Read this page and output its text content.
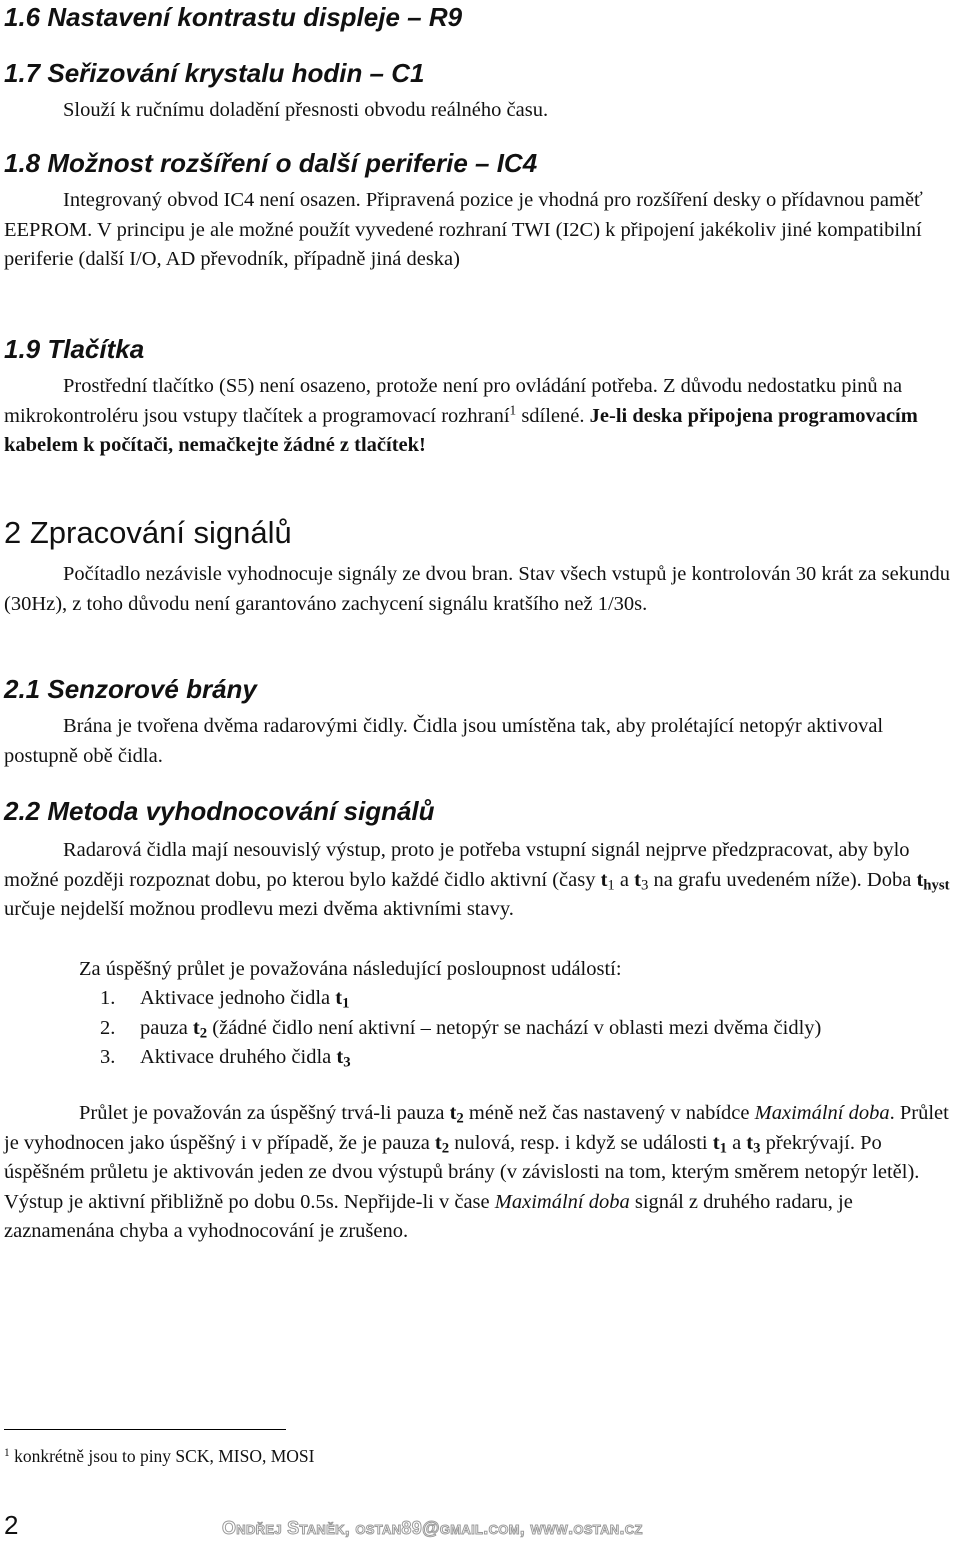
1.6 Nastavení kontrastu displeje – R9
1.7 Seřizování krystalu hodin – C1

Slouží k ručnímu doladění přesnosti obvodu reálného času.

1.8 Možnost rozšíření o další periferie – IC4

Integrovaný obvod IC4 není osazen. Připravená pozice je vhodná pro rozšíření desky o přídavnou paměť EEPROM. V principu je ale možné použít vyvedené rozhraní TWI (I2C) k připojení jakékoliv jiné kompatibilní periferie (další I/O, AD převodník, případně jiná deska)

1.9 Tlačítka

Prostřední tlačítko (S5) není osazeno, protože není pro ovládání potřeba. Z důvodu nedostatku pinů na mikrokontroléru jsou vstupy tlačítek a programovací rozhraní$^1$ sdílené. Je-li deska připojena programovacím kabelem k počítači, nemačkejte žádné z tlačítek!

2 Zpracování signálů

Počítadlo nezávisle vyhodnocuje signály ze dvou bran. Stav všech vstupů je kontrolován 30 krát za sekundu (30Hz), z toho důvodu není garantováno zachycení signálu kratšího než 1/30s.

2.1 Senzorové brány

Brána je tvořena dvěma radarovými čidly. Čidla jsou umístěna tak, aby prolétající netopýr aktivoval postupně obě čidla.

2.2 Metoda vyhodnocování signálů

Radarová čidla mají nesouvislý výstup, proto je potřeba vstupní signál nejprve předzpracovat, aby bylo možné později rozpoznat dobu, po kterou bylo každé čidlo aktivní (časy $t_1$ a $t_3$ na grafu uvedeném níže). Doba $t_{hyst}$ určuje nejdelší možnou prodlevu mezi dvěma aktivními stavy.

Za úspěšný průlet je považována následující posloupnost událostí:

1. Aktivace jednoho čidla $t_1$
2. pauza $t_2$ (žádné čidlo není aktivní – netopýr se nachází v oblasti mezi dvěma čidly)
3. Aktivace druhého čidla $t_3$

Průlet je považován za úspěšný trvá-li pauza $t_2$ méně než čas nastavený v nabídce Maximální doba. Průlet je vyhodnocen jako úspěšný i v případě, že je pauza $t_2$ nulová, resp. i když se události $t_1$ a $t_3$ překrývají. Po úspěšném průletu je aktivován jeden ze dvou výstupů brány (v závislosti na tom, kterým směrem netopýr letěl). Výstup je aktivní přibližně po dobu 0.5s. Nepřijde-li v čase Maximální doba signál z druhého radaru, je zaznamenána chyba a vyhodnocování je zrušeno.

$^1$ konkrétně jsou to piny SCK, MISO, MOSI
2	Ondřej Staněk, ostan89@gmail.com, www.ostan.cz
